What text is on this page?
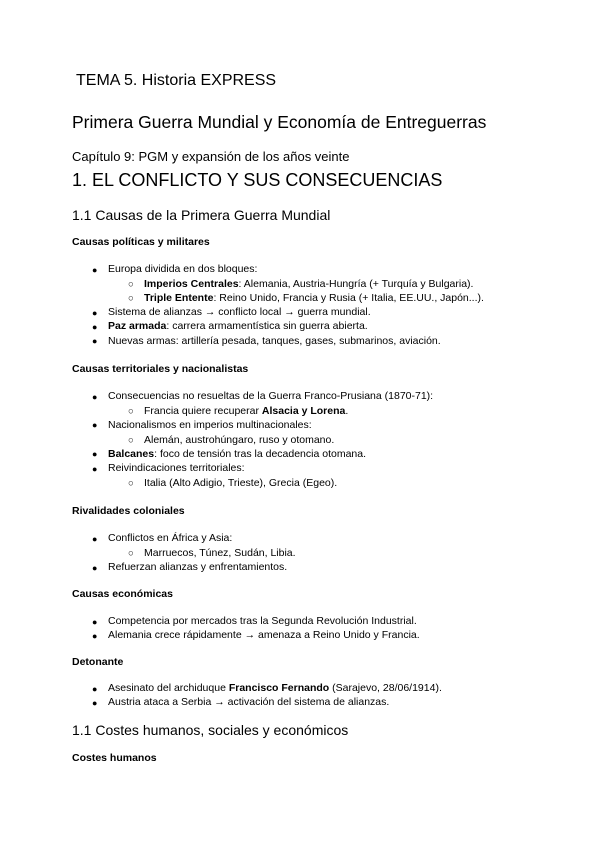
TEMA 5. Historia EXPRESS
Primera Guerra Mundial y Economía de Entreguerras
Capítulo 9: PGM y expansión de los años veinte
1. EL CONFLICTO Y SUS CONSECUENCIAS
1.1 Causas de la Primera Guerra Mundial
Causas políticas y militares
● Europa dividida en dos bloques:
○ Imperios Centrales: Alemania, Austria-Hungría (+ Turquía y Bulgaria).
○ Triple Entente: Reino Unido, Francia y Rusia (+ Italia, EE.UU., Japón...).
● Sistema de alianzas → conflicto local → guerra mundial.
● Paz armada: carrera armamentística sin guerra abierta.
● Nuevas armas: artillería pesada, tanques, gases, submarinos, aviación.
Causas territoriales y nacionalistas
● Consecuencias no resueltas de la Guerra Franco-Prusiana (1870-71):
○ Francia quiere recuperar Alsacia y Lorena.
● Nacionalismos en imperios multinacionales:
○ Alemán, austrohúngaro, ruso y otomano.
● Balcanes: foco de tensión tras la decadencia otomana.
● Reivindicaciones territoriales:
○ Italia (Alto Adigio, Trieste), Grecia (Egeo).
Rivalidades coloniales
● Conflictos en África y Asia:
○ Marruecos, Túnez, Sudán, Libia.
● Refuerzan alianzas y enfrentamientos.
Causas económicas
● Competencia por mercados tras la Segunda Revolución Industrial.
● Alemania crece rápidamente → amenaza a Reino Unido y Francia.
Detonante
● Asesinato del archiduque Francisco Fernando (Sarajevo, 28/06/1914).
● Austria ataca a Serbia → activación del sistema de alianzas.
1.1 Costes humanos, sociales y económicos
Costes humanos
